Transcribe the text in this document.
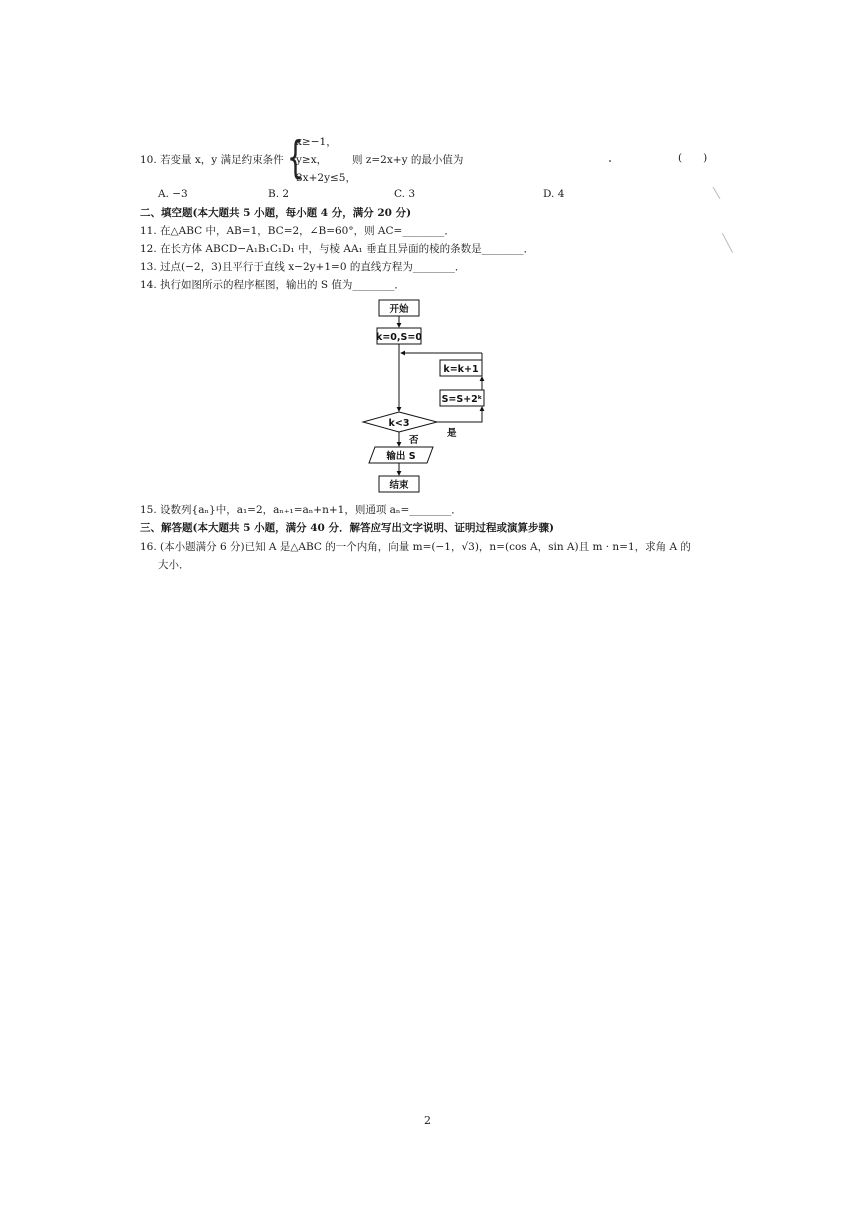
10. 若变量 x，y 满足约束条件 {
x≥−1，
y≥x，
3x+2y≤5，
则 z=2x+y 的最小值为	(　　)
A. −3	B. 2	C. 3	D. 4
二、填空题(本大题共 5 小题，每小题 4 分，满分 20 分)
11. 在△ABC 中，AB=1，BC=2，∠B=60°，则 AC=________．
12. 在长方体 ABCD−A₁B₁C₁D₁ 中，与棱 AA₁ 垂直且异面的棱的条数是________．
13. 过点(−2，3)且平行于直线 x−2y+1=0 的直线方程为________．
14. 执行如图所示的程序框图，输出的 S 值为________．
开始
k=0,S=0
k=k+1
S=S+2ᵏ
k<3
是
否
输出 S
结束
15. 设数列{aₙ}中，a₁=2，aₙ₊₁=aₙ+n+1，则通项 aₙ=________．
三、解答题(本大题共 5 小题，满分 40 分．解答应写出文字说明、证明过程或演算步骤)
16. (本小题满分 6 分)已知 A 是△ABC 的一个内角，向量 m=(−1，√3)，n=(cos A，sin A)且 m · n=1，求角 A 的
大小．
2
